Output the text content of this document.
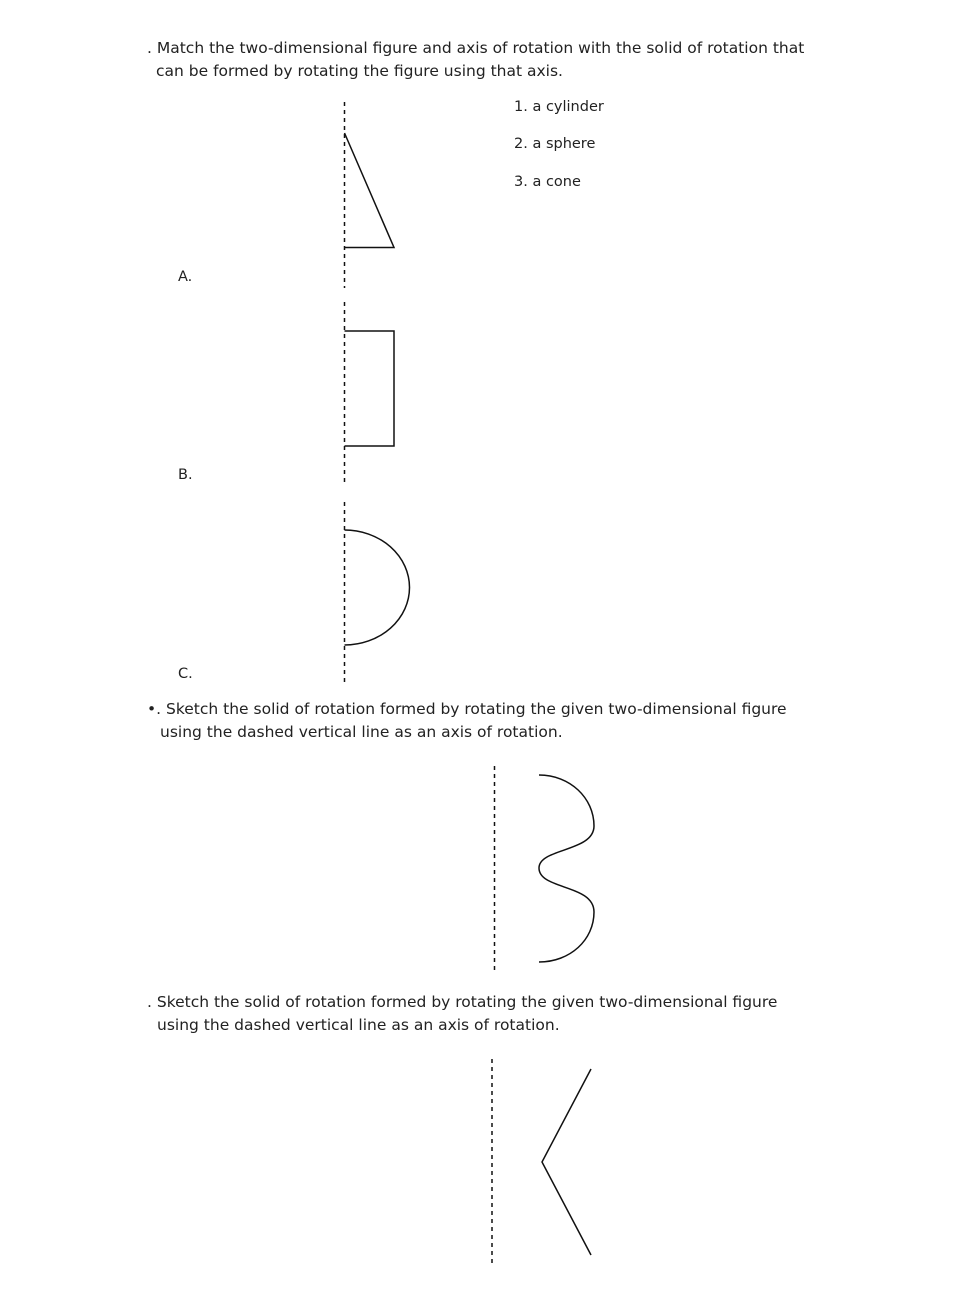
. Match the two-dimensional figure and axis of rotation with the solid of rotation that
can be formed by rotating the figure using that axis.
1. a cylinder
2. a sphere
3. a cone
A.
B.
C.
•. Sketch the solid of rotation formed by rotating the given two-dimensional figure
using the dashed vertical line as an axis of rotation.
. Sketch the solid of rotation formed by rotating the given two-dimensional figure
using the dashed vertical line as an axis of rotation.
